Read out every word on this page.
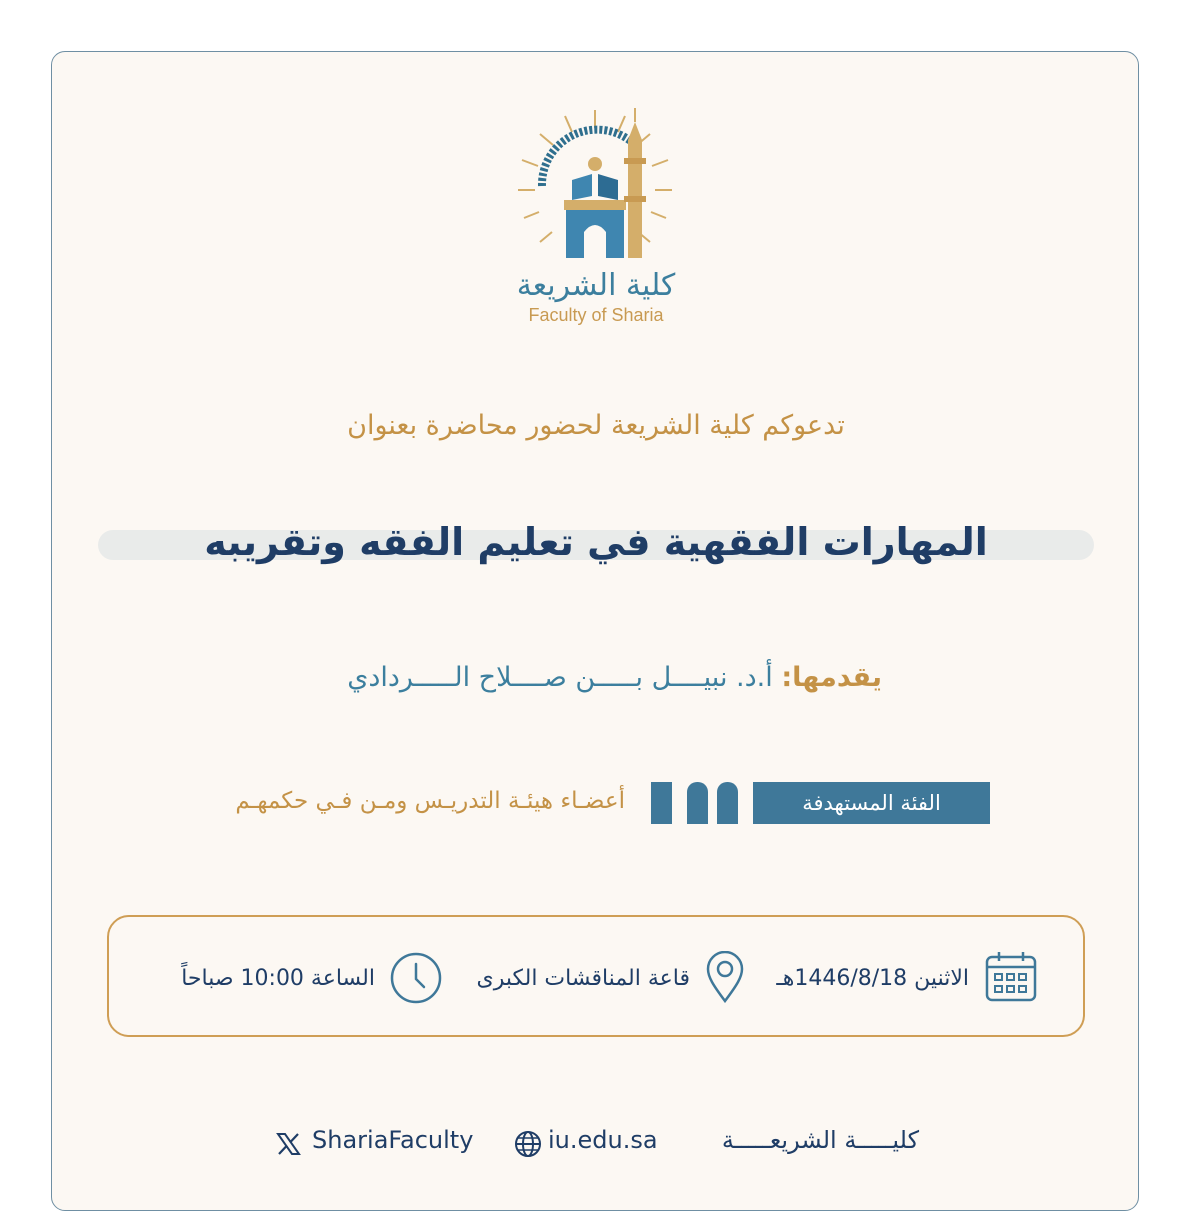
كلية الشريعة
Faculty of Sharia
تدعوكم كلية الشريعة لحضور محاضرة بعنوان
المهارات الفقهية في تعليم الفقه وتقريبه
يقدمها: أ.د. نبيــــل بـــــن صــــلاح الـــــردادي
الفئة المستهدفة
أعضـاء هيئـة التدريـس ومـن فـي حكمهـم
الاثنين 1446/8/18هـ
قاعة المناقشات الكبرى
الساعة 10:00 صباحاً
كليـــــة الشريعـــــة
iu.edu.sa
ShariaFaculty
